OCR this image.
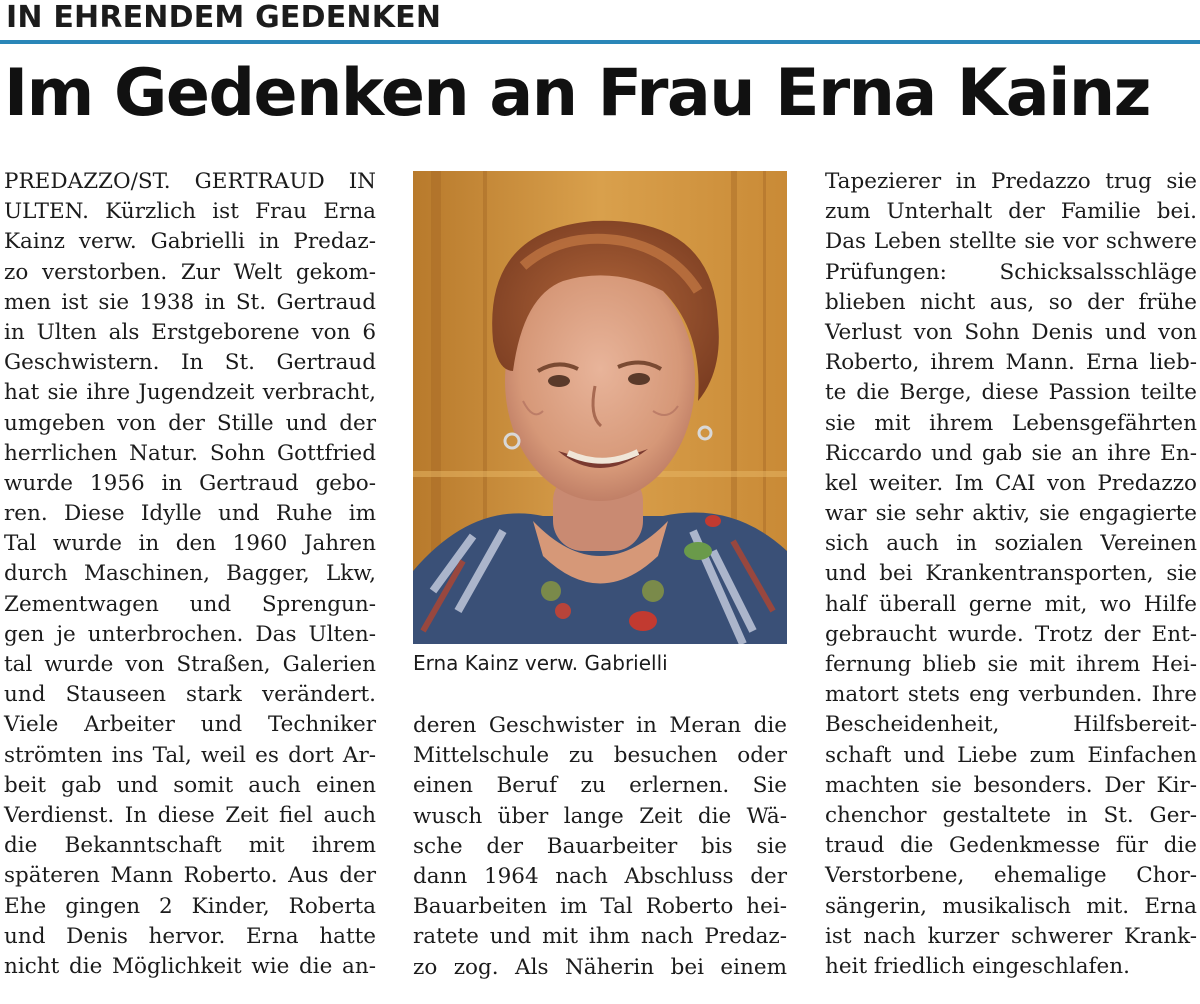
IN EHRENDEM GEDENKEN
Im Gedenken an Frau Erna Kainz
PREDAZZO/ST. GERTRAUD IN
ULTEN. Kürzlich ist Frau Erna
Kainz verw. Gabrielli in Predaz-
zo verstorben. Zur Welt gekom-
men ist sie 1938 in St. Gertraud
in Ulten als Erstgeborene von 6
Geschwistern. In St. Gertraud
hat sie ihre Jugendzeit verbracht,
umgeben von der Stille und der
herrlichen Natur. Sohn Gottfried
wurde 1956 in Gertraud gebo-
ren. Diese Idylle und Ruhe im
Tal wurde in den 1960 Jahren
durch Maschinen, Bagger, Lkw,
Zementwagen und Sprengun-
gen je unterbrochen. Das Ulten-
tal wurde von Straßen, Galerien
und Stauseen stark verändert.
Viele Arbeiter und Techniker
strömten ins Tal, weil es dort Ar-
beit gab und somit auch einen
Verdienst. In diese Zeit fiel auch
die Bekanntschaft mit ihrem
späteren Mann Roberto. Aus der
Ehe gingen 2 Kinder, Roberta
und Denis hervor. Erna hatte
nicht die Möglichkeit wie die an-
Erna Kainz verw. Gabrielli
deren Geschwister in Meran die
Mittelschule zu besuchen oder
einen Beruf zu erlernen. Sie
wusch über lange Zeit die Wä-
sche der Bauarbeiter bis sie
dann 1964 nach Abschluss der
Bauarbeiten im Tal Roberto hei-
ratete und mit ihm nach Predaz-
zo zog. Als Näherin bei einem
Tapezierer in Predazzo trug sie
zum Unterhalt der Familie bei.
Das Leben stellte sie vor schwere
Prüfungen: Schicksalsschläge
blieben nicht aus, so der frühe
Verlust von Sohn Denis und von
Roberto, ihrem Mann. Erna lieb-
te die Berge, diese Passion teilte
sie mit ihrem Lebensgefährten
Riccardo und gab sie an ihre En-
kel weiter. Im CAI von Predazzo
war sie sehr aktiv, sie engagierte
sich auch in sozialen Vereinen
und bei Krankentransporten, sie
half überall gerne mit, wo Hilfe
gebraucht wurde. Trotz der Ent-
fernung blieb sie mit ihrem Hei-
matort stets eng verbunden. Ihre
Bescheidenheit, Hilfsbereit-
schaft und Liebe zum Einfachen
machten sie besonders. Der Kir-
chenchor gestaltete in St. Ger-
traud die Gedenkmesse für die
Verstorbene, ehemalige Chor-
sängerin, musikalisch mit. Erna
ist nach kurzer schwerer Krank-
heit friedlich eingeschlafen.
